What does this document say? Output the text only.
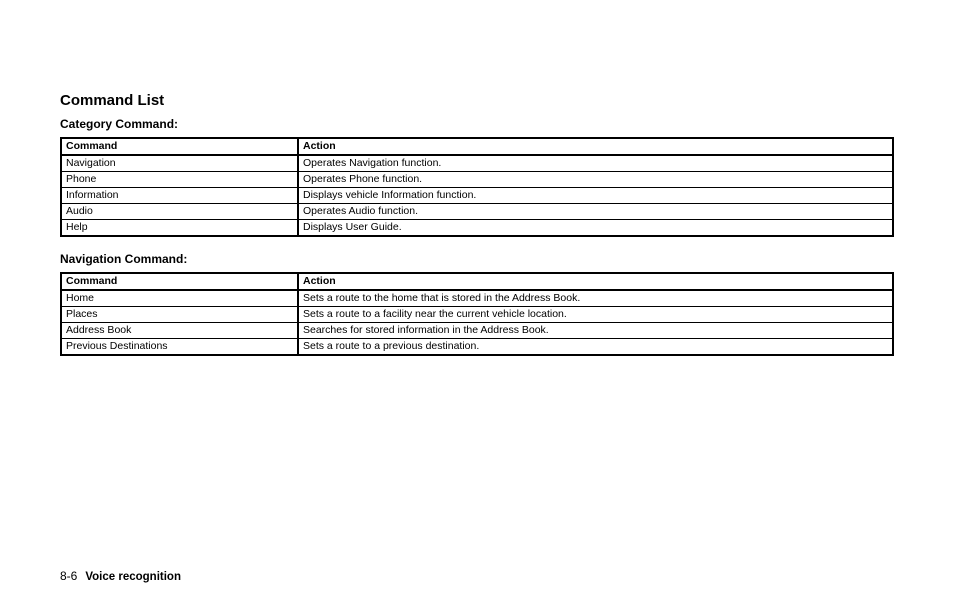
Command List
Category Command:
Command	Action
Navigation	Operates Navigation function.
Phone	Operates Phone function.
Information	Displays vehicle Information function.
Audio	Operates Audio function.
Help	Displays User Guide.
Navigation Command:
Command	Action
Home	Sets a route to the home that is stored in the Address Book.
Places	Sets a route to a facility near the current vehicle location.
Address Book	Searches for stored information in the Address Book.
Previous Destinations	Sets a route to a previous destination.
8-6 Voice recognition
